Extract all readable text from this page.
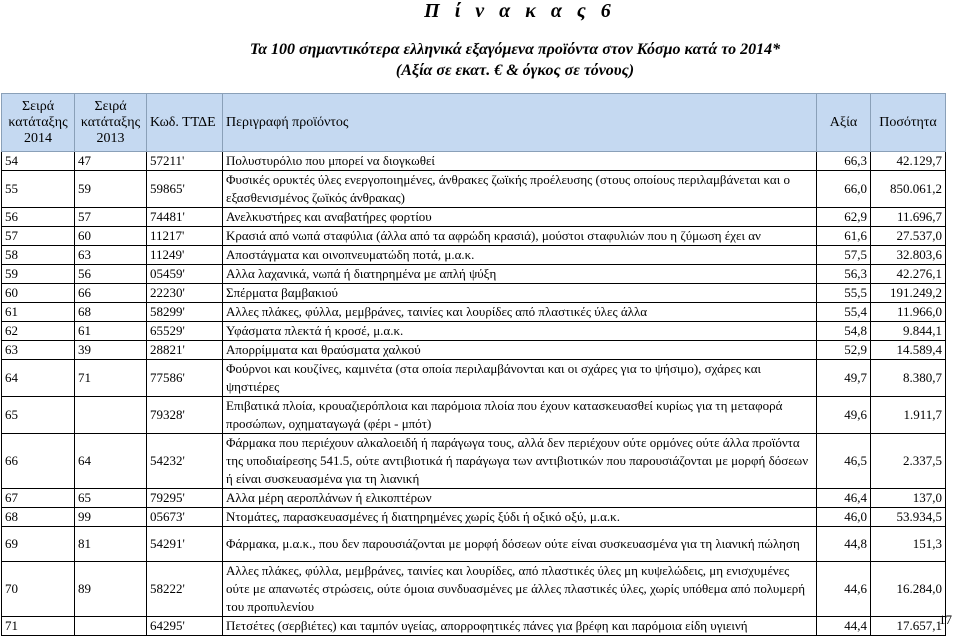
Π ί ν α κ α ς 6
Τα 100 σημαντικότερα ελληνικά εξαγόμενα προϊόντα στον Κόσμο κατά το 2014*
(Αξία σε εκατ. € & όγκος σε τόνους)
Σειρά κατάταξης 2014	Σειρά κατάταξης 2013	Κωδ. ΤΤΔΕ	Περιγραφή προϊόντος	Αξία	Ποσότητα
54	47	57211'	Πολυστυρόλιο που μπορεί να διογκωθεί	66,3	42.129,7
55	59	59865'	Φυσικές ορυκτές ύλες ενεργοποιημένες, άνθρακες ζωϊκής προέλευσης (στους οποίους περιλαμβάνεται και ο εξασθενισμένος ζωϊκός άνθρακας)	66,0	850.061,2
56	57	74481'	Ανελκυστήρες και αναβατήρες φορτίου	62,9	11.696,7
57	60	11217'	Κρασιά από νωπά σταφύλια (άλλα από τα αφρώδη κρασιά), μούστοι σταφυλιών που η ζύμωση έχει αν	61,6	27.537,0
58	63	11249'	Αποστάγματα και οινοπνευματώδη ποτά, μ.α.κ.	57,5	32.803,6
59	56	05459'	Αλλα λαχανικά, νωπά ή διατηρημένα με απλή ψύξη	56,3	42.276,1
60	66	22230'	Σπέρματα βαμβακιού	55,5	191.249,2
61	68	58299'	Αλλες πλάκες, φύλλα, μεμβράνες, ταινίες και λουρίδες από πλαστικές ύλες άλλα	55,4	11.966,0
62	61	65529'	Υφάσματα πλεκτά ή κροσέ, μ.α.κ.	54,8	9.844,1
63	39	28821'	Απορρίμματα και θραύσματα χαλκού	52,9	14.589,4
64	71	77586'	Φούρνοι και κουζίνες, καμινέτα (στα οποία περιλαμβάνονται και οι σχάρες για το ψήσιμο), σχάρες και ψηστιέρες	49,7	8.380,7
65		79328'	Επιβατικά πλοία, κρουαζιερόπλοια και παρόμοια πλοία που έχουν κατασκευασθεί κυρίως για τη μεταφορά προσώπων, οχηματαγωγά (φέρι - μπότ)	49,6	1.911,7
66	64	54232'	Φάρμακα που περιέχουν αλκαλοειδή ή παράγωγα τους, αλλά δεν περιέχουν ούτε ορμόνες ούτε άλλα προϊόντα της υποδιαίρεσης 541.5, ούτε αντιβιοτικά ή παράγωγα των αντιβιοτικών που παρουσιάζονται με μορφή δόσεων ή είναι συσκευασμένα για τη λιανική	46,5	2.337,5
67	65	79295'	Αλλα μέρη αεροπλάνων ή ελικοπτέρων	46,4	137,0
68	99	05673'	Ντομάτες, παρασκευασμένες ή διατηρημένες χωρίς ξύδι ή οξικό οξύ, μ.α.κ.	46,0	53.934,5
69	81	54291'	Φάρμακα, μ.α.κ., που δεν παρουσιάζονται με μορφή δόσεων ούτε είναι συσκευασμένα για τη λιανική πώληση	44,8	151,3
70	89	58222'	Αλλες πλάκες, φύλλα, μεμβράνες, ταινίες και λουρίδες, από πλαστικές ύλες μη κυψελώδεις, μη ενισχυμένες ούτε με απανωτές στρώσεις, ούτε όμοια συνδυασμένες με άλλες πλαστικές ύλες, χωρίς υπόθεμα από πολυμερή του προπυλενίου	44,6	16.284,0
71		64295'	Πετσέτες (σερβιέτες) και ταμπόν υγείας, απορροφητικές πάνες για βρέφη και παρόμοια είδη υγιεινή	44,4	17.657,1
17
